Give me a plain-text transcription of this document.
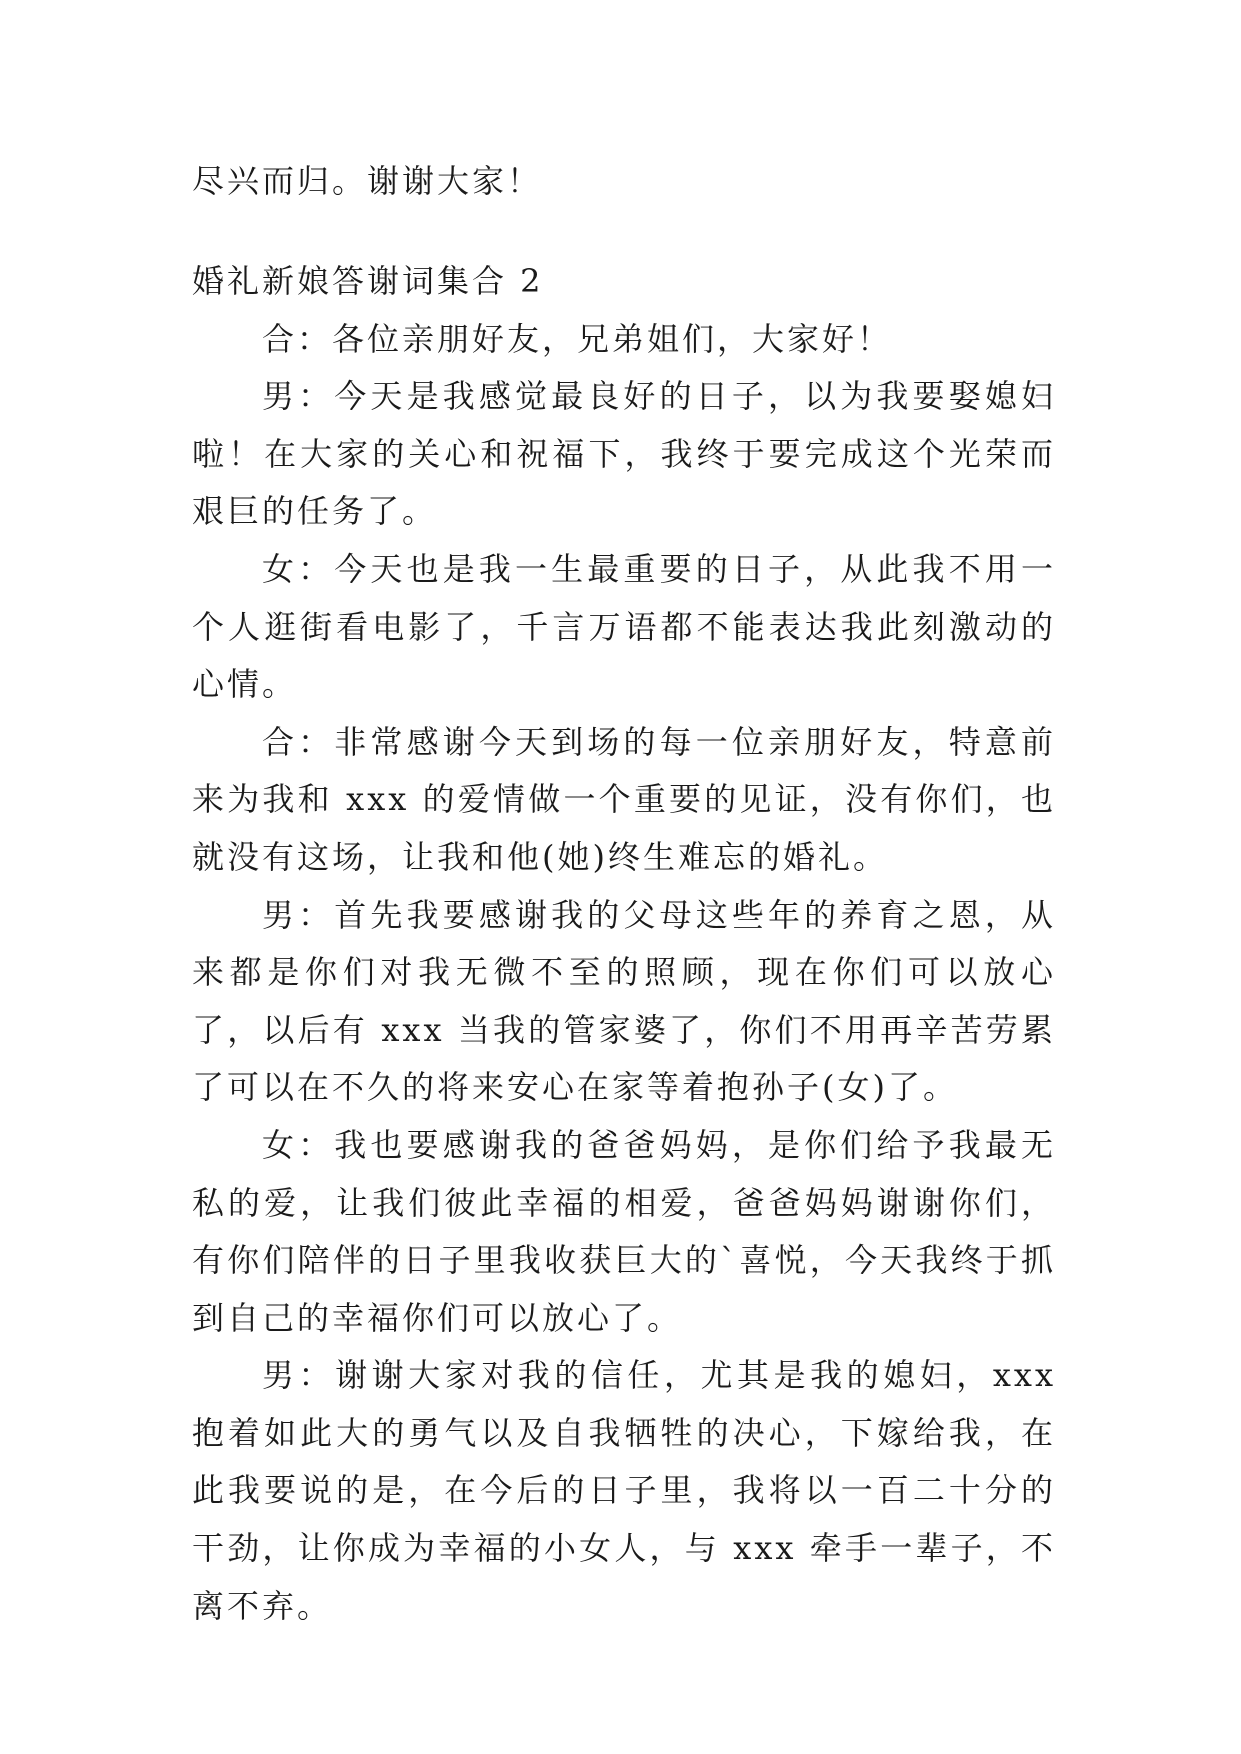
尽兴而归。谢谢大家！

婚礼新娘答谢词集合 2

合：各位亲朋好友，兄弟姐们，大家好！

男：今天是我感觉最良好的日子，以为我要娶媳妇啦！在大家的关心和祝福下，我终于要完成这个光荣而艰巨的任务了。

女：今天也是我一生最重要的日子，从此我不用一个人逛街看电影了，千言万语都不能表达我此刻激动的心情。

合：非常感谢今天到场的每一位亲朋好友，特意前来为我和 xxx 的爱情做一个重要的见证，没有你们，也就没有这场，让我和他(她)终生难忘的婚礼。

男：首先我要感谢我的父母这些年的养育之恩，从来都是你们对我无微不至的照顾，现在你们可以放心了，以后有 xxx 当我的管家婆了，你们不用再辛苦劳累了可以在不久的将来安心在家等着抱孙子(女)了。

女：我也要感谢我的爸爸妈妈，是你们给予我最无私的爱，让我们彼此幸福的相爱，爸爸妈妈谢谢你们，有你们陪伴的日子里我收获巨大的`喜悦，今天我终于抓到自己的幸福你们可以放心了。

男：谢谢大家对我的信任，尤其是我的媳妇，xxx 抱着如此大的勇气以及自我牺牲的决心，下嫁给我，在此我要说的是，在今后的日子里，我将以一百二十分的干劲，让你成为幸福的小女人，与 xxx 牵手一辈子，不离不弃。
